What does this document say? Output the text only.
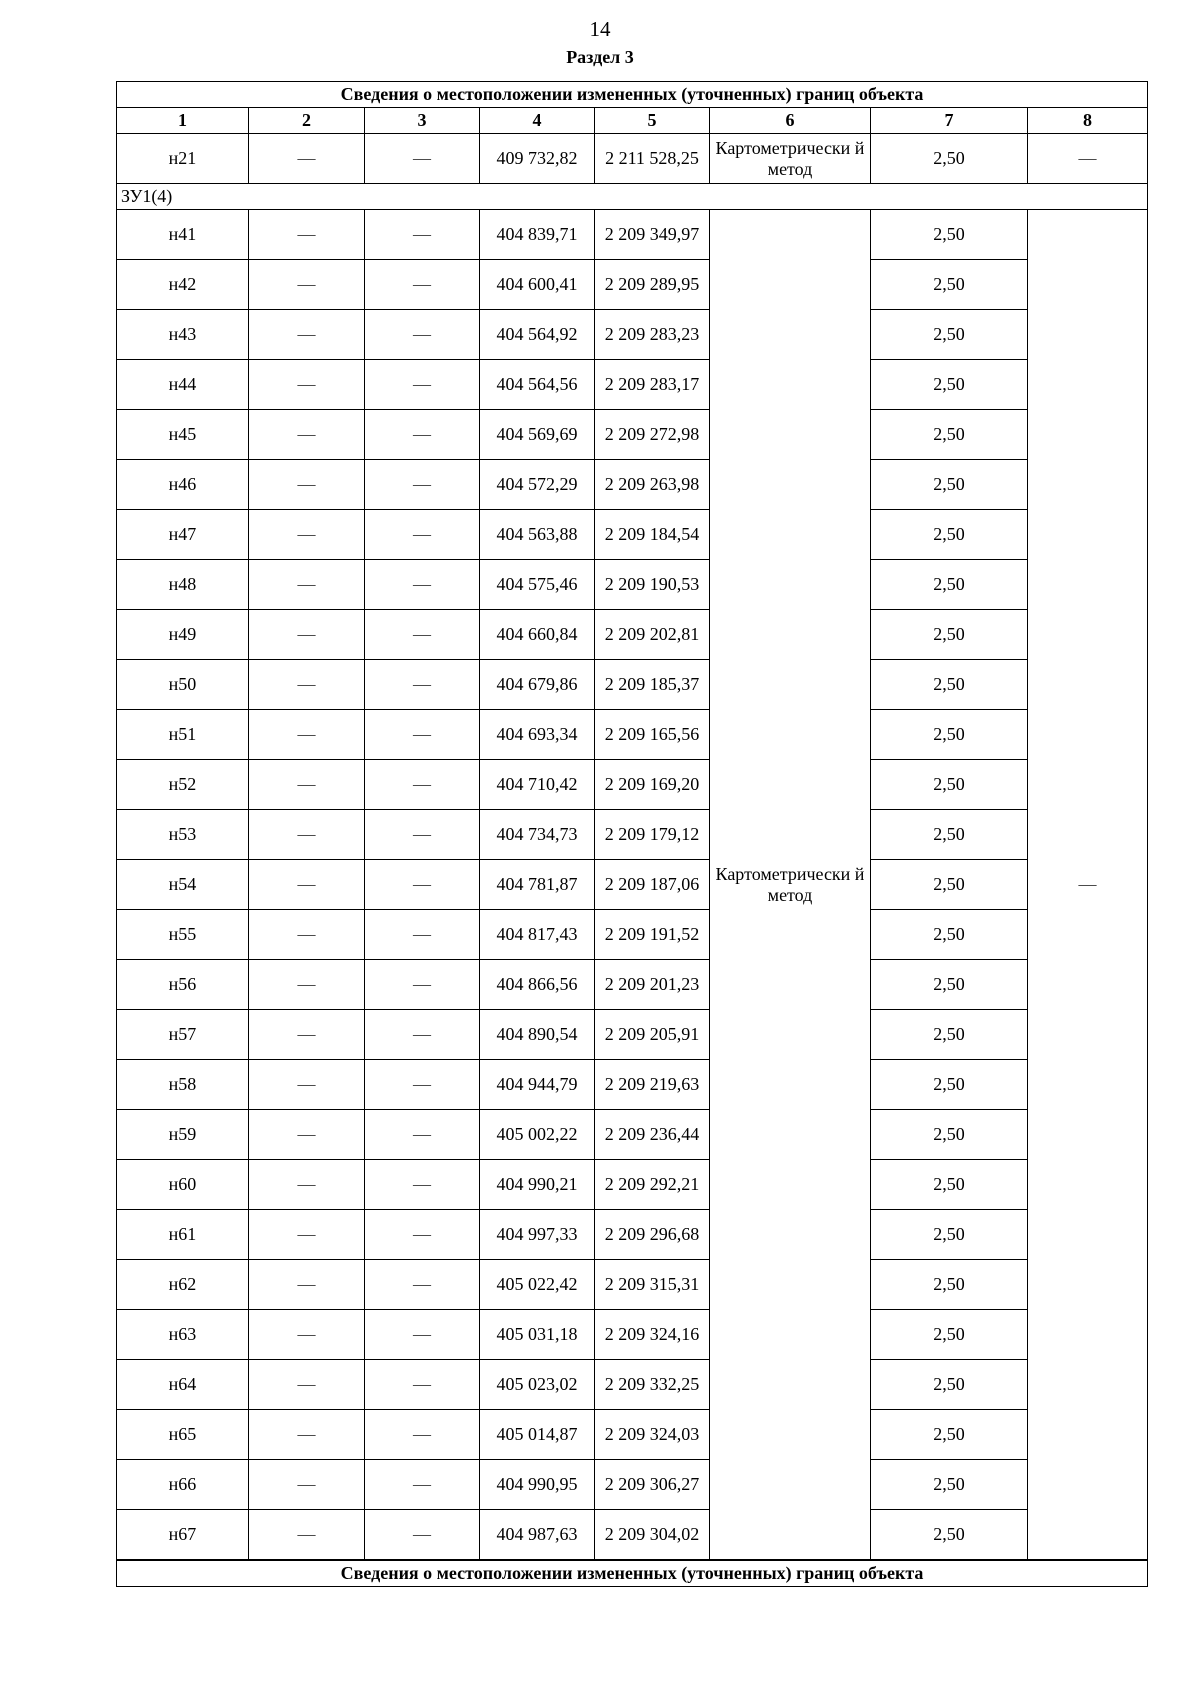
14
Раздел 3
Сведения о местоположении измененных (уточненных) границ объекта							
1	2	3	4	5	6	7	8
н21	—	—	409 732,82	2 211 528,25	Картометрически й метод	2,50	—
ЗУ1(4)							
н41	—	—	404 839,71	2 209 349,97	Картометрически й метод	2,50	—
н42	—	—	404 600,41	2 209 289,95		2,50	
н43	—	—	404 564,92	2 209 283,23		2,50	
н44	—	—	404 564,56	2 209 283,17		2,50	
н45	—	—	404 569,69	2 209 272,98		2,50	
н46	—	—	404 572,29	2 209 263,98		2,50	
н47	—	—	404 563,88	2 209 184,54		2,50	
н48	—	—	404 575,46	2 209 190,53		2,50	
н49	—	—	404 660,84	2 209 202,81		2,50	
н50	—	—	404 679,86	2 209 185,37		2,50	
н51	—	—	404 693,34	2 209 165,56		2,50	
н52	—	—	404 710,42	2 209 169,20		2,50	
н53	—	—	404 734,73	2 209 179,12		2,50	
н54	—	—	404 781,87	2 209 187,06		2,50	
н55	—	—	404 817,43	2 209 191,52		2,50	
н56	—	—	404 866,56	2 209 201,23		2,50	
н57	—	—	404 890,54	2 209 205,91		2,50	
н58	—	—	404 944,79	2 209 219,63		2,50	
н59	—	—	405 002,22	2 209 236,44		2,50	
н60	—	—	404 990,21	2 209 292,21		2,50	
н61	—	—	404 997,33	2 209 296,68		2,50	
н62	—	—	405 022,42	2 209 315,31		2,50	
н63	—	—	405 031,18	2 209 324,16		2,50	
н64	—	—	405 023,02	2 209 332,25		2,50	
н65	—	—	405 014,87	2 209 324,03		2,50	
н66	—	—	404 990,95	2 209 306,27		2,50	
н67	—	—	404 987,63	2 209 304,02		2,50	
Сведения о местоположении измененных (уточненных) границ объекта							
